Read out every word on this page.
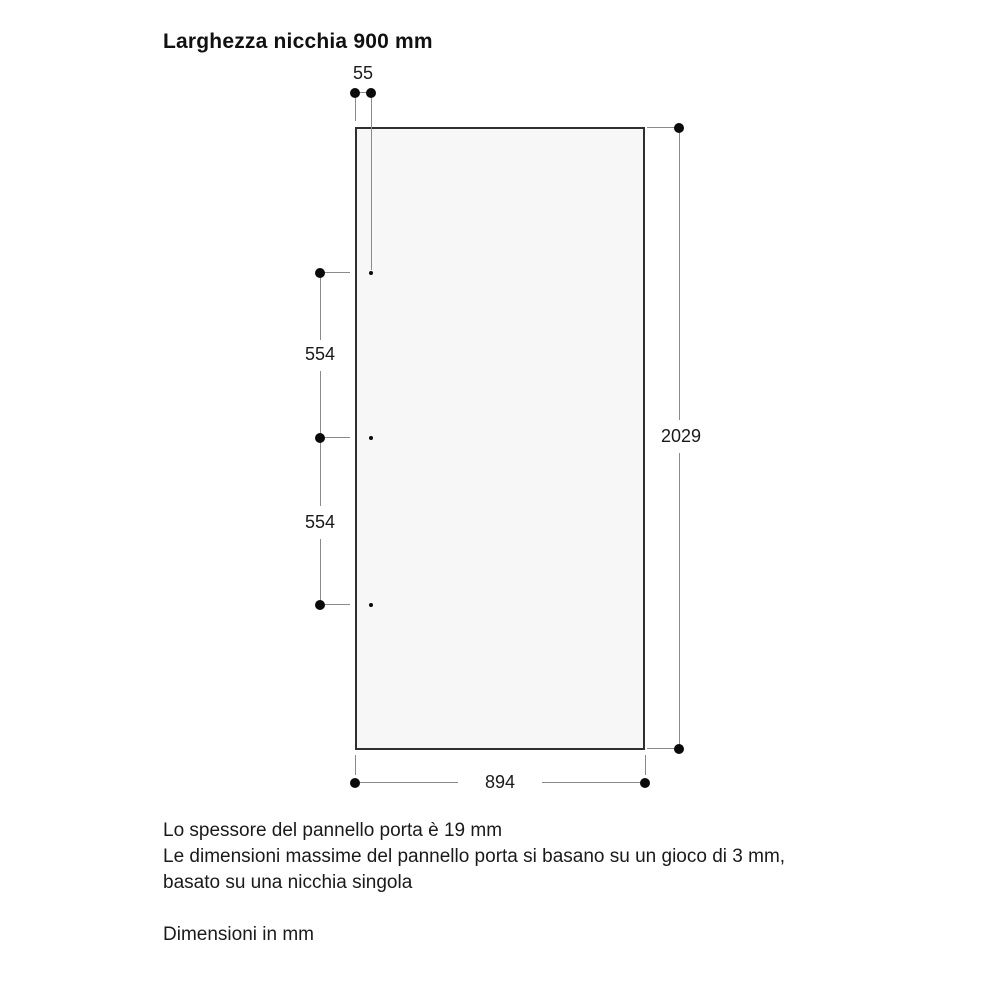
Larghezza nicchia 900 mm
55
554
554
2029
894
Lo spessore del pannello porta è 19 mm
Le dimensioni massime del pannello porta si basano su un gioco di 3 mm,
basato su una nicchia singola
Dimensioni in mm
